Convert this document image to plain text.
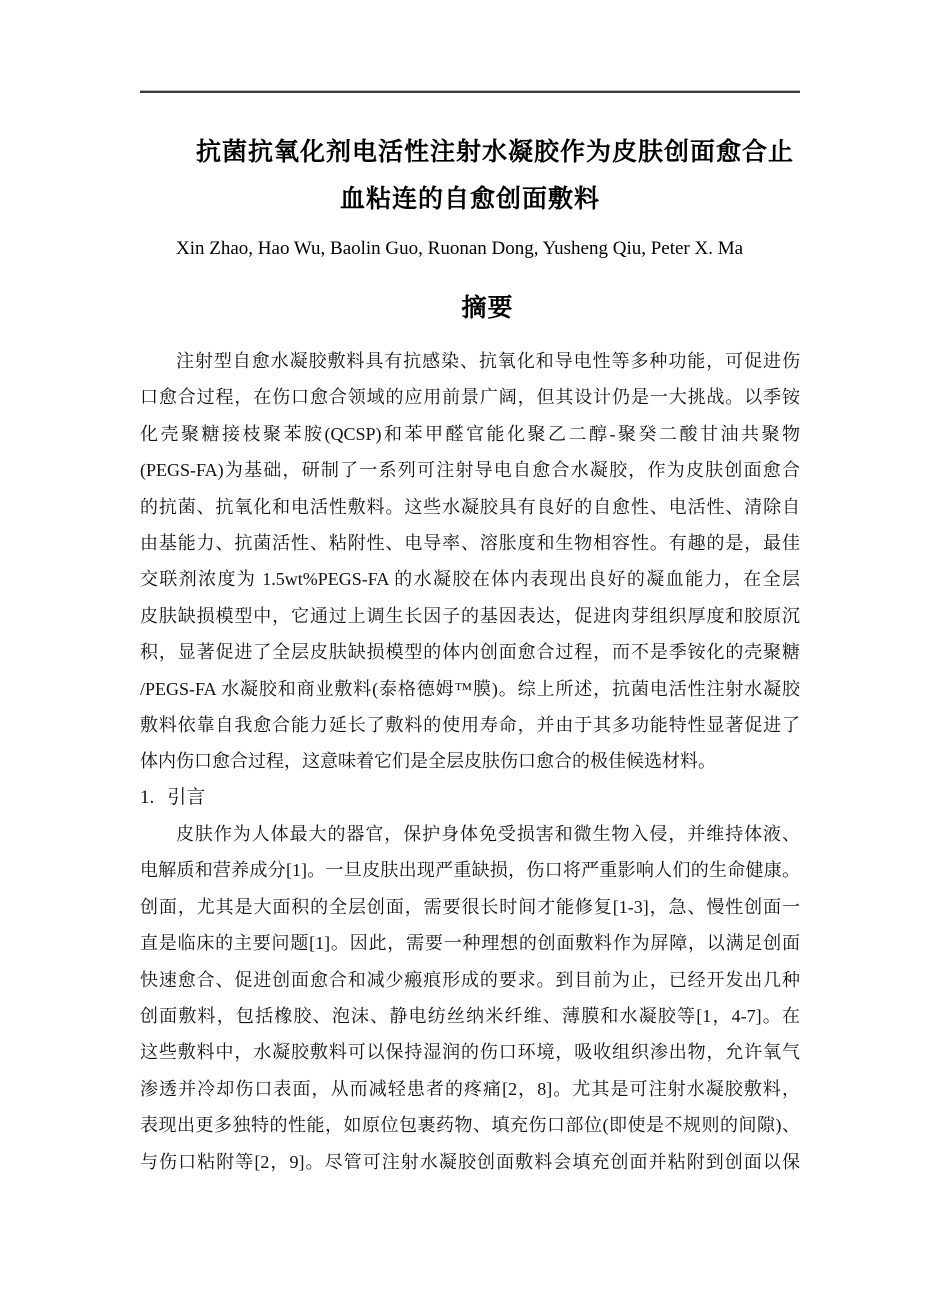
抗菌抗氧化剂电活性注射水凝胶作为皮肤创面愈合止
血粘连的自愈创面敷料
Xin Zhao, Hao Wu, Baolin Guo, Ruonan Dong, Yusheng Qiu, Peter X. Ma
摘要
注射型自愈水凝胶敷料具有抗感染、抗氧化和导电性等多种功能，可促进伤
口愈合过程，在伤口愈合领域的应用前景广阔，但其设计仍是一大挑战。以季铵
化壳聚糖接枝聚苯胺(QCSP)和苯甲醛官能化聚乙二醇-聚癸二酸甘油共聚物
(PEGS-FA)为基础，研制了一系列可注射导电自愈合水凝胶，作为皮肤创面愈合
的抗菌、抗氧化和电活性敷料。这些水凝胶具有良好的自愈性、电活性、清除自
由基能力、抗菌活性、粘附性、电导率、溶胀度和生物相容性。有趣的是，最佳
交联剂浓度为 1.5wt%PEGS-FA 的水凝胶在体内表现出良好的凝血能力，在全层
皮肤缺损模型中，它通过上调生长因子的基因表达，促进肉芽组织厚度和胶原沉
积，显著促进了全层皮肤缺损模型的体内创面愈合过程，而不是季铵化的壳聚糖
/PEGS-FA 水凝胶和商业敷料(泰格德姆™膜)。综上所述，抗菌电活性注射水凝胶
敷料依靠自我愈合能力延长了敷料的使用寿命，并由于其多功能特性显著促进了
体内伤口愈合过程，这意味着它们是全层皮肤伤口愈合的极佳候选材料。
1. 引言
皮肤作为人体最大的器官，保护身体免受损害和微生物入侵，并维持体液、
电解质和营养成分[1]。一旦皮肤出现严重缺损，伤口将严重影响人们的生命健康。
创面，尤其是大面积的全层创面，需要很长时间才能修复[1-3]，急、慢性创面一
直是临床的主要问题[1]。因此，需要一种理想的创面敷料作为屏障，以满足创面
快速愈合、促进创面愈合和减少瘢痕形成的要求。到目前为止，已经开发出几种
创面敷料，包括橡胶、泡沫、静电纺丝纳米纤维、薄膜和水凝胶等[1，4-7]。在
这些敷料中，水凝胶敷料可以保持湿润的伤口环境，吸收组织渗出物，允许氧气
渗透并冷却伤口表面，从而减轻患者的疼痛[2，8]。尤其是可注射水凝胶敷料，
表现出更多独特的性能，如原位包裹药物、填充伤口部位(即使是不规则的间隙)、
与伤口粘附等[2，9]。尽管可注射水凝胶创面敷料会填充创面并粘附到创面以保
